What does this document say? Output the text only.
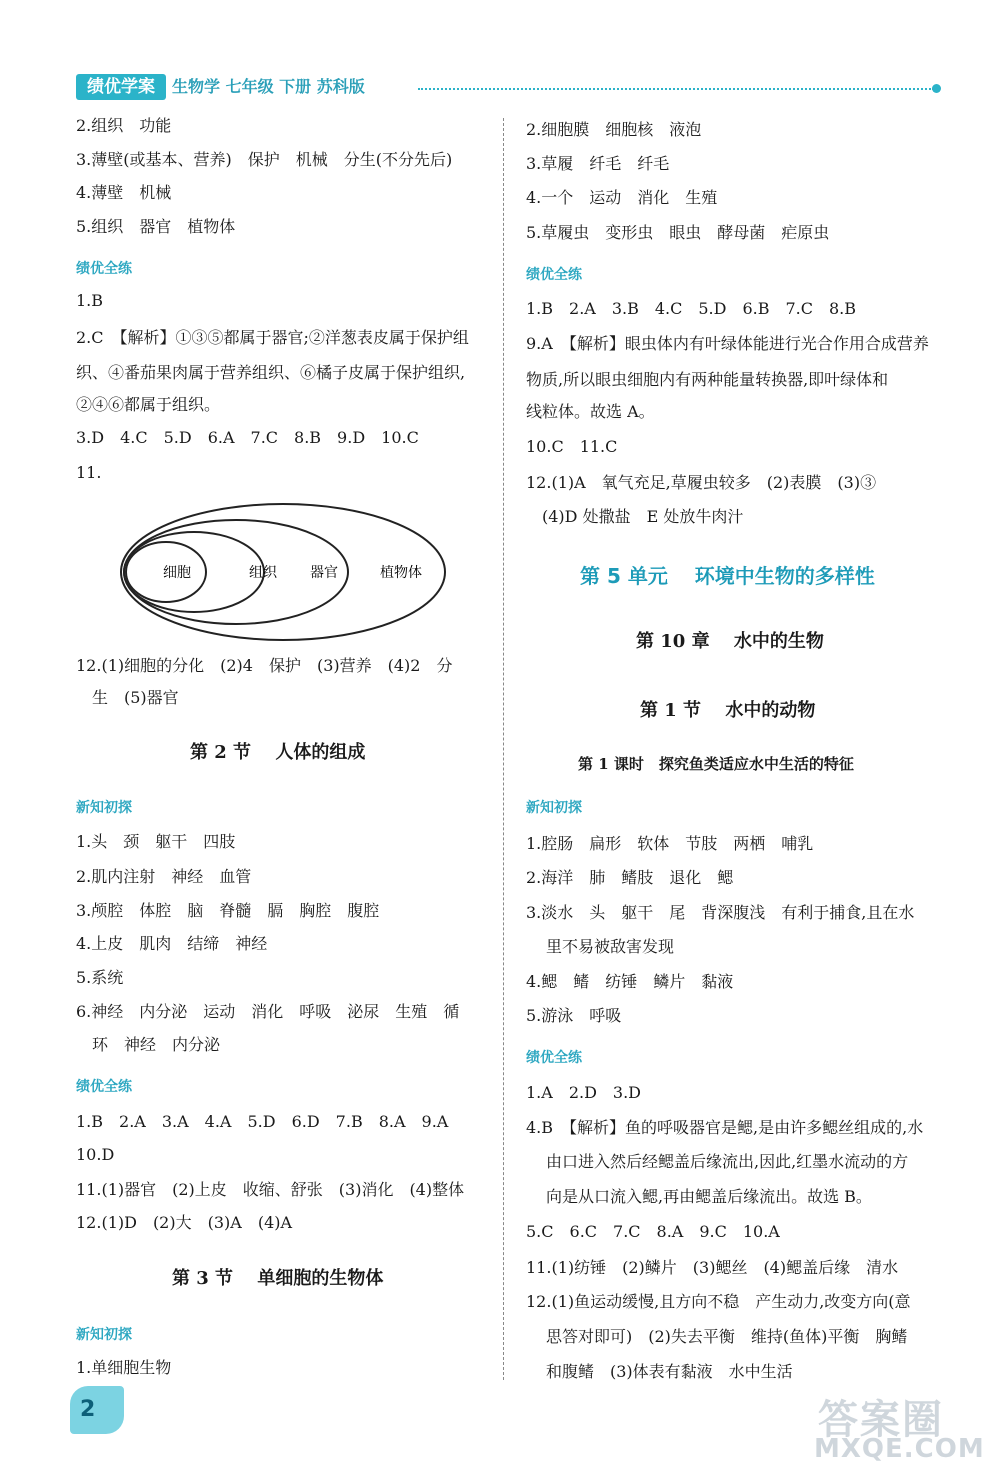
绩优学案	生物学 七年级 下册 苏科版
2.组织　功能
3.薄壁(或基本、营养)　保护　机械　分生(不分先后)
4.薄壁　机械
5.组织　器官　植物体
绩优全练
1.B
2.C　【解析】①③⑤都属于器官;②洋葱表皮属于保护组
织、④番茄果肉属于营养组织、⑥橘子皮属于保护组织,
②④⑥都属于组织。
3.D　4.C　5.D　6.A　7.C　8.B　9.D　10.C
11.
细胞	组织 器官	植物体
12.(1)细胞的分化　(2)4　保护　(3)营养　(4)2　分
　生　(5)器官
第 2 节　 人体的组成
新知初探
1.头　颈　躯干　四肢
2.肌内注射　神经　血管
3.颅腔　体腔　脑　脊髓　膈　胸腔　腹腔
4.上皮　肌肉　结缔　神经
5.系统
6.神经　内分泌　运动　消化　呼吸　泌尿　生殖　循
　环　神经　内分泌
绩优全练
1.B　2.A　3.A　4.A　5.D　6.D　7.B　8.A　9.A
10.D
11.(1)器官　(2)上皮　收缩、舒张　(3)消化　(4)整体
12.(1)D　(2)大　(3)A　(4)A
第 3 节　 单细胞的生物体
新知初探
1.单细胞生物
2.细胞膜　细胞核　液泡
3.草履　纤毛　纤毛
4.一个　运动　消化　生殖
5.草履虫　变形虫　眼虫　酵母菌　疟原虫
绩优全练
1.B　2.A　3.B　4.C　5.D　6.B　7.C　8.B
9.A　【解析】眼虫体内有叶绿体能进行光合作用合成营养
物质,所以眼虫细胞内有两种能量转换器,即叶绿体和
线粒体。故选 A。
10.C　11.C
12.(1)A　氧气充足,草履虫较多　(2)表膜　(3)③
　(4)D 处撒盐　E 处放牛肉汁
第 5 单元　 环境中生物的多样性
第 10 章　 水中的生物
第 1 节　 水中的动物
第 1 课时　探究鱼类适应水中生活的特征
新知初探
1.腔肠　扁形　软体　节肢　两栖　哺乳
2.海洋　肺　鳍肢　退化　鳃
3.淡水　头　躯干　尾　背深腹浅　有利于捕食,且在水
里不易被敌害发现
4.鳃　鳍　纺锤　鳞片　黏液
5.游泳　呼吸
绩优全练
1.A　2.D　3.D
4.B　【解析】鱼的呼吸器官是鳃,是由许多鳃丝组成的,水
由口进入然后经鳃盖后缘流出,因此,红墨水流动的方
向是从口流入鳃,再由鳃盖后缘流出。故选 B。
5.C　6.C　7.C　8.A　9.C　10.A
11.(1)纺锤　(2)鳞片　(3)鳃丝　(4)鳃盖后缘　清水
12.(1)鱼运动缓慢,且方向不稳　产生动力,改变方向(意
思答对即可)　(2)失去平衡　维持(鱼体)平衡　胸鳍
和腹鳍　(3)体表有黏液　水中生活
2	答案圈
MXQE.COM
